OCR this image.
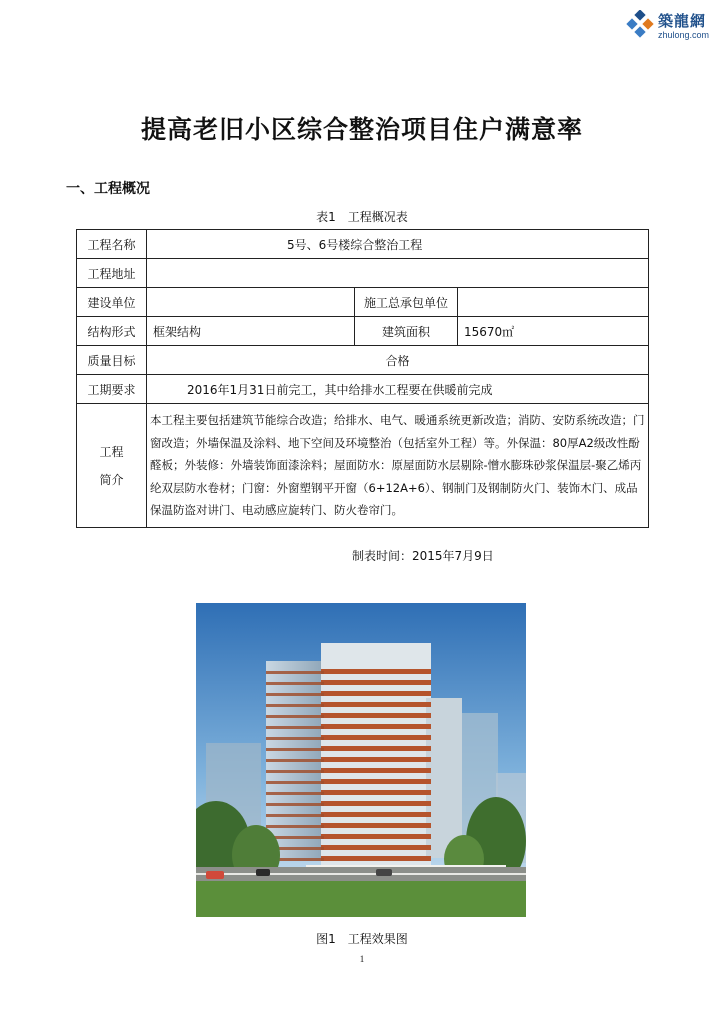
築龍網
zhulong.com
提高老旧小区综合整治项目住户满意率
一、工程概况
表1　工程概况表
工程名称	5号、6号楼综合整治工程		
工程地址			
建设单位		施工总承包单位	
结构形式	框架结构	建筑面积	15670㎡
质量目标	合格		
工期要求	2016年1月31日前完工，其中给排水工程要在供暖前完成		
工程
简介	本工程主要包括建筑节能综合改造；给排水、电气、暖通系统更新改造；消防、安防系统改造；门窗改造；外墙保温及涂料、地下空间及环境整治（包括室外工程）等。外保温：80厚A2级改性酚醛板；外装修：外墙装饰面漆涂料；屋面防水：原屋面防水层剔除-憎水膨珠砂浆保温层-聚乙烯丙纶双层防水卷材；门窗：外窗塑钢平开窗（6+12A+6）、钢制门及钢制防火门、装饰木门、成品保温防盗对讲门、电动感应旋转门、防火卷帘门。		
制表时间：2015年7月9日
图1　工程效果图
1
